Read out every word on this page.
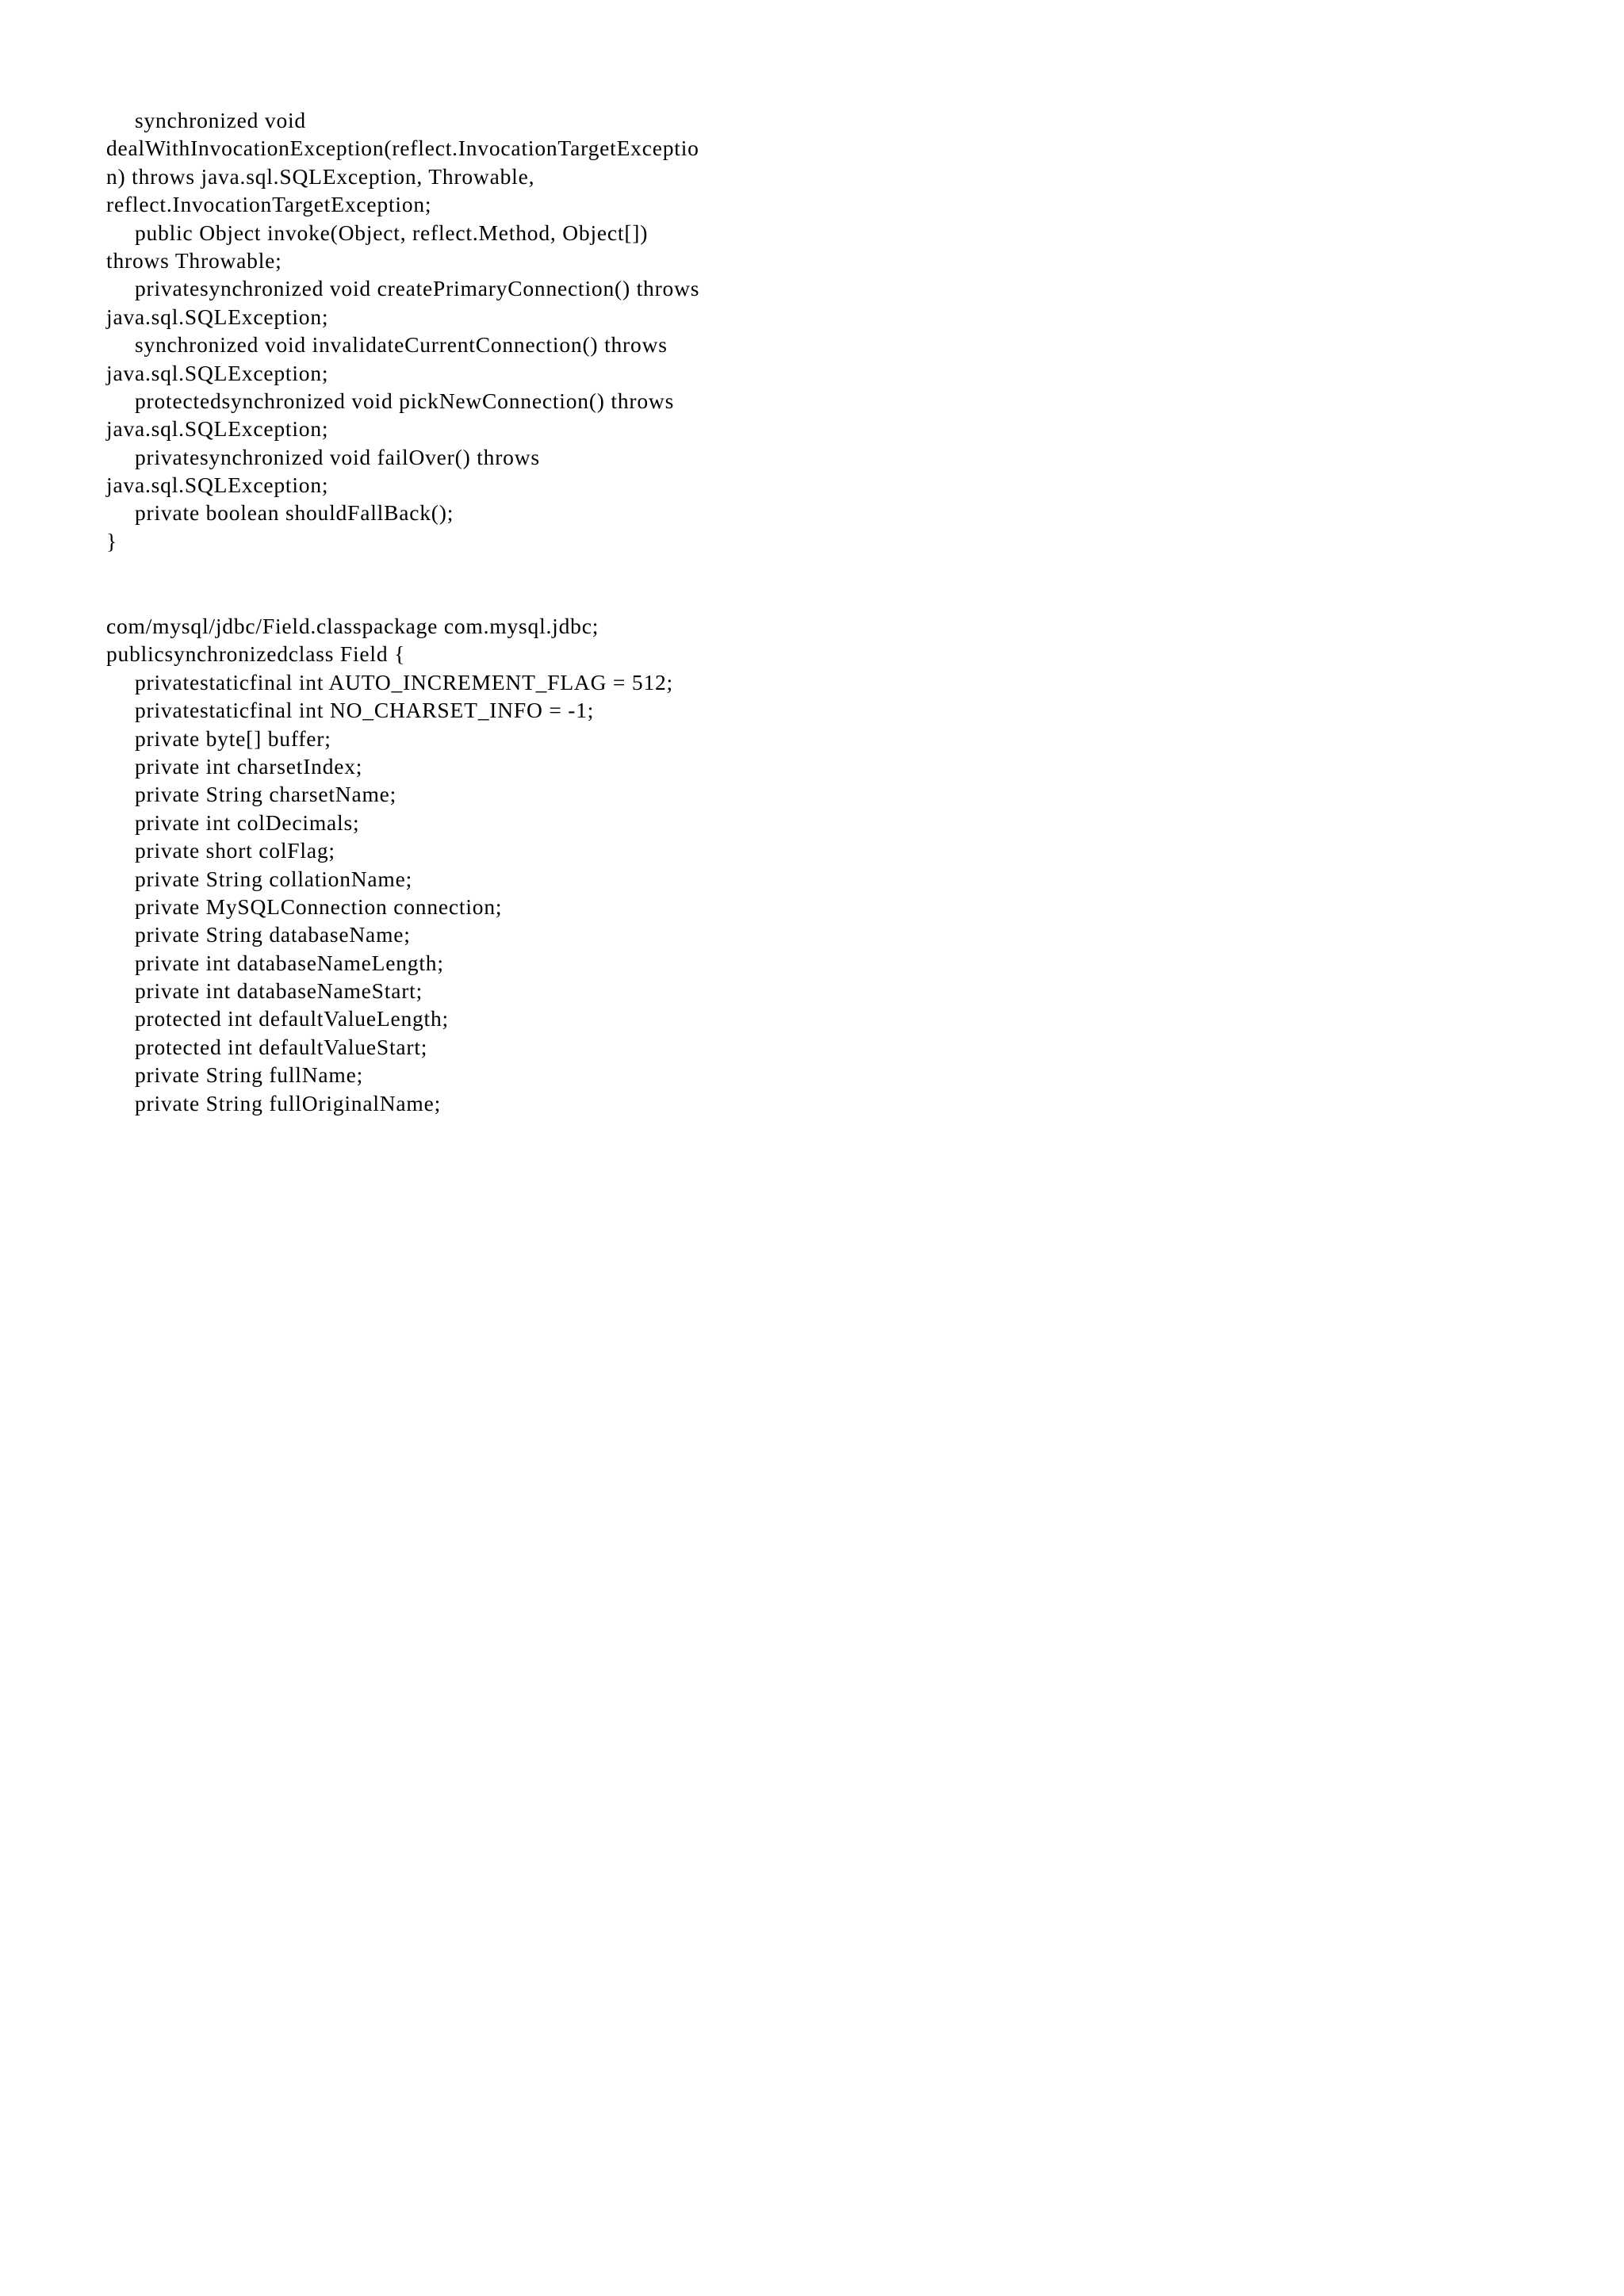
synchronized void
dealWithInvocationException(reflect.InvocationTargetExceptio
n) throws java.sql.SQLException, Throwable,
reflect.InvocationTargetException;
public Object invoke(Object, reflect.Method, Object[])
throws Throwable;
privatesynchronized void createPrimaryConnection() throws
java.sql.SQLException;
synchronized void invalidateCurrentConnection() throws
java.sql.SQLException;
protectedsynchronized void pickNewConnection() throws
java.sql.SQLException;
privatesynchronized void failOver() throws
java.sql.SQLException;
private boolean shouldFallBack();
}
com/mysql/jdbc/Field.classpackage com.mysql.jdbc;
publicsynchronizedclass Field {
privatestaticfinal int AUTO_INCREMENT_FLAG = 512;
privatestaticfinal int NO_CHARSET_INFO = -1;
private byte[] buffer;
private int charsetIndex;
private String charsetName;
private int colDecimals;
private short colFlag;
private String collationName;
private MySQLConnection connection;
private String databaseName;
private int databaseNameLength;
private int databaseNameStart;
protected int defaultValueLength;
protected int defaultValueStart;
private String fullName;
private String fullOriginalName;
